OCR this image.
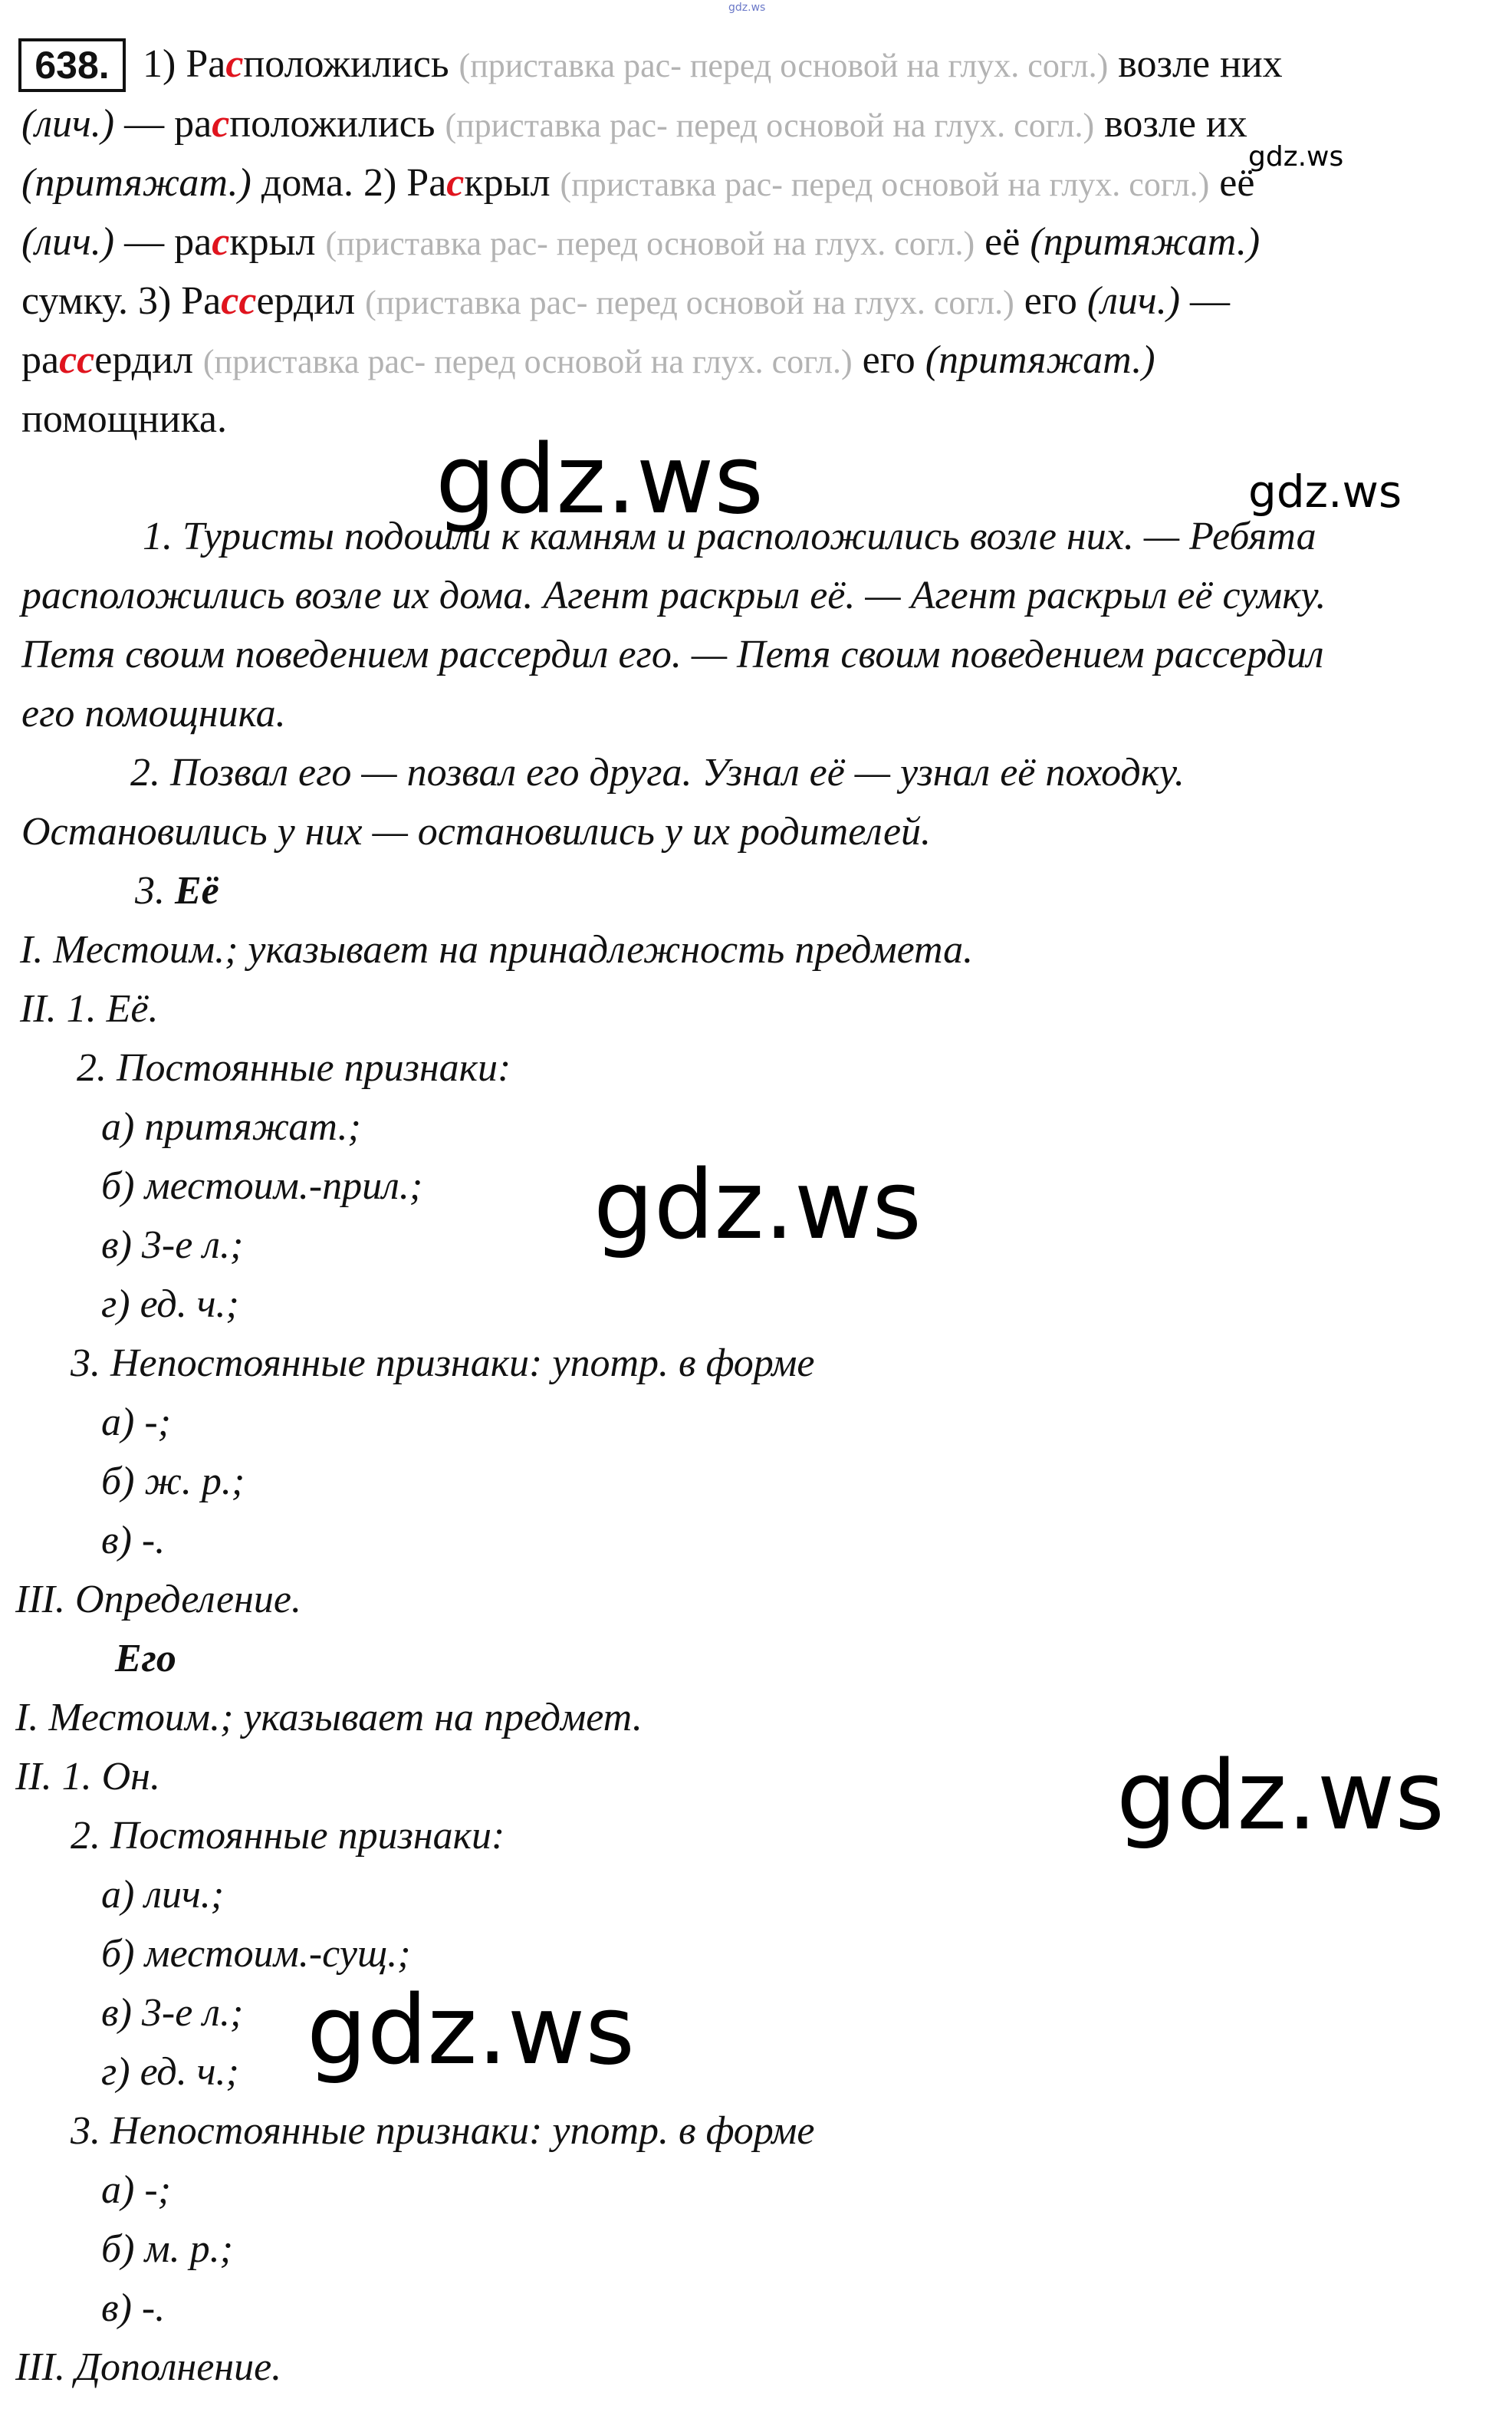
gdz.ws
638. 1) Расположились (приставка рас- перед основой на глух. согл.) возле них
(лич.) — расположились (приставка рас- перед основой на глух. согл.) возле их
(притяжат.) дома. 2) Раскрыл (приставка рас- перед основой на глух. согл.) её
(лич.) — раскрыл (приставка рас- перед основой на глух. согл.) её (притяжат.)
сумку. 3) Рассердил (приставка рас- перед основой на глух. согл.) его (лич.) —
рассердил (приставка рас- перед основой на глух. согл.) его (притяжат.)
помощника.
1. Туристы подошли к камням и расположились возле них. — Ребята
расположились возле их дома. Агент раскрыл её. — Агент раскрыл её сумку.
Петя своим поведением рассердил его. — Петя своим поведением рассердил
его помощника.
2. Позвал его — позвал его друга. Узнал её — узнал её походку.
Остановились у них — остановились у их родителей.
3. Её
I. Местоим.; указывает на принадлежность предмета.
II. 1. Её.
2. Постоянные признаки:
а) притяжат.;
б) местоим.-прил.;
в) 3-е л.;
г) ед. ч.;
3. Непостоянные признаки: употр. в форме
а) -;
б) ж. р.;
в) -.
III. Определение.
Его
I. Местоим.; указывает на предмет.
II. 1. Он.
2. Постоянные признаки:
а) лич.;
б) местоим.-сущ.;
в) 3-е л.;
г) ед. ч.;
3. Непостоянные признаки: употр. в форме
а) -;
б) м. р.;
в) -.
III. Дополнение.
gdz.ws
gdz.ws	gdz.ws
gdz.ws
gdz.ws
gdz.ws
